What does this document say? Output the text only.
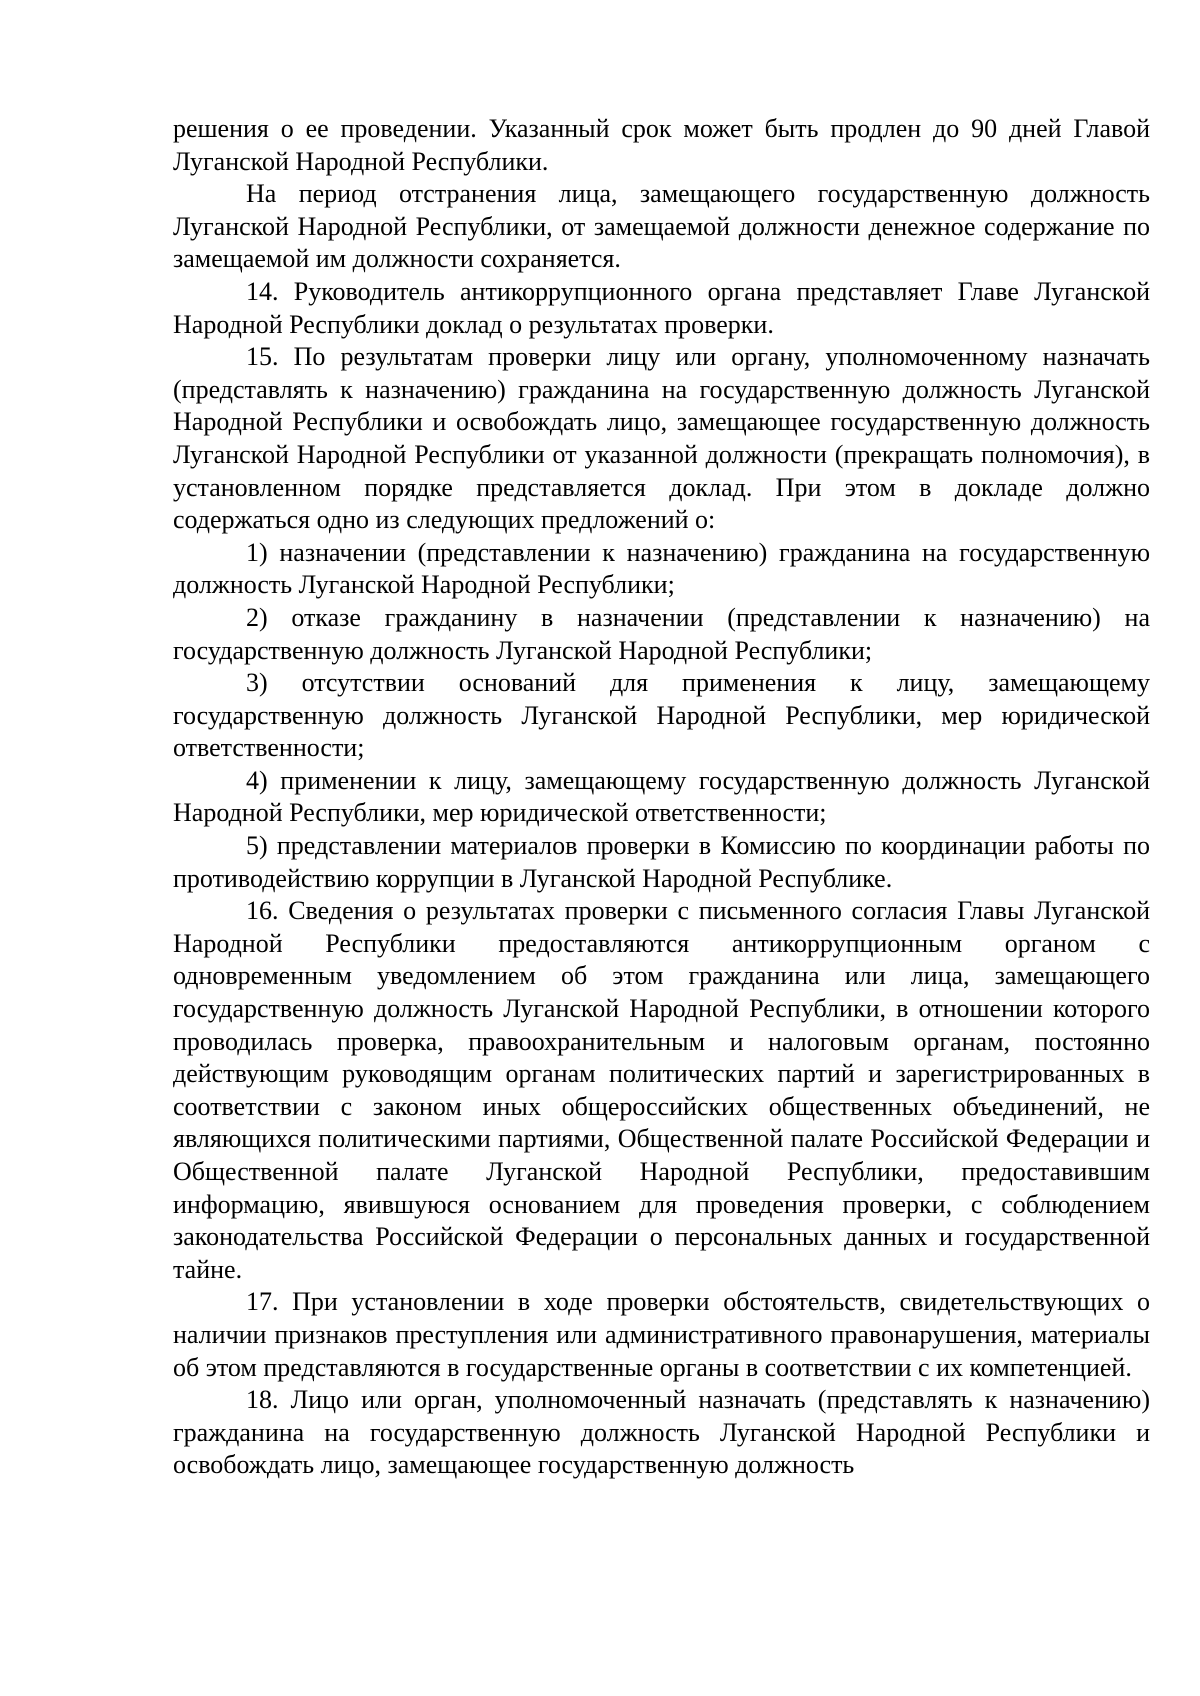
решения о ее проведении. Указанный срок может быть продлен до 90 дней Главой Луганской Народной Республики.

На период отстранения лица, замещающего государственную должность Луганской Народной Республики, от замещаемой должности денежное содержание по замещаемой им должности сохраняется.

14. Руководитель антикоррупционного органа представляет Главе Луганской Народной Республики доклад о результатах проверки.

15. По результатам проверки лицу или органу, уполномоченному назначать (представлять к назначению) гражданина на государственную должность Луганской Народной Республики и освобождать лицо, замещающее государственную должность Луганской Народной Республики от указанной должности (прекращать полномочия), в установленном порядке представляется доклад. При этом в докладе должно содержаться одно из следующих предложений о:

1) назначении (представлении к назначению) гражданина на государственную должность Луганской Народной Республики;

2) отказе гражданину в назначении (представлении к назначению) на государственную должность Луганской Народной Республики;

3) отсутствии оснований для применения к лицу, замещающему государственную должность Луганской Народной Республики, мер юридической ответственности;

4) применении к лицу, замещающему государственную должность Луганской Народной Республики, мер юридической ответственности;

5) представлении материалов проверки в Комиссию по координации работы по противодействию коррупции в Луганской Народной Республике.

16. Сведения о результатах проверки с письменного согласия Главы Луганской Народной Республики предоставляются антикоррупционным органом с одновременным уведомлением об этом гражданина или лица, замещающего государственную должность Луганской Народной Республики, в отношении которого проводилась проверка, правоохранительным и налоговым органам, постоянно действующим руководящим органам политических партий и зарегистрированных в соответствии с законом иных общероссийских общественных объединений, не являющихся политическими партиями, Общественной палате Российской Федерации и Общественной палате Луганской Народной Республики, предоставившим информацию, явившуюся основанием для проведения проверки, с соблюдением законодательства Российской Федерации о персональных данных и государственной тайне.

17. При установлении в ходе проверки обстоятельств, свидетельствующих о наличии признаков преступления или административного правонарушения, материалы об этом представляются в государственные органы в соответствии с их компетенцией.

18. Лицо или орган, уполномоченный назначать (представлять к назначению) гражданина на государственную должность Луганской Народной Республики и освобождать лицо, замещающее государственную должность
